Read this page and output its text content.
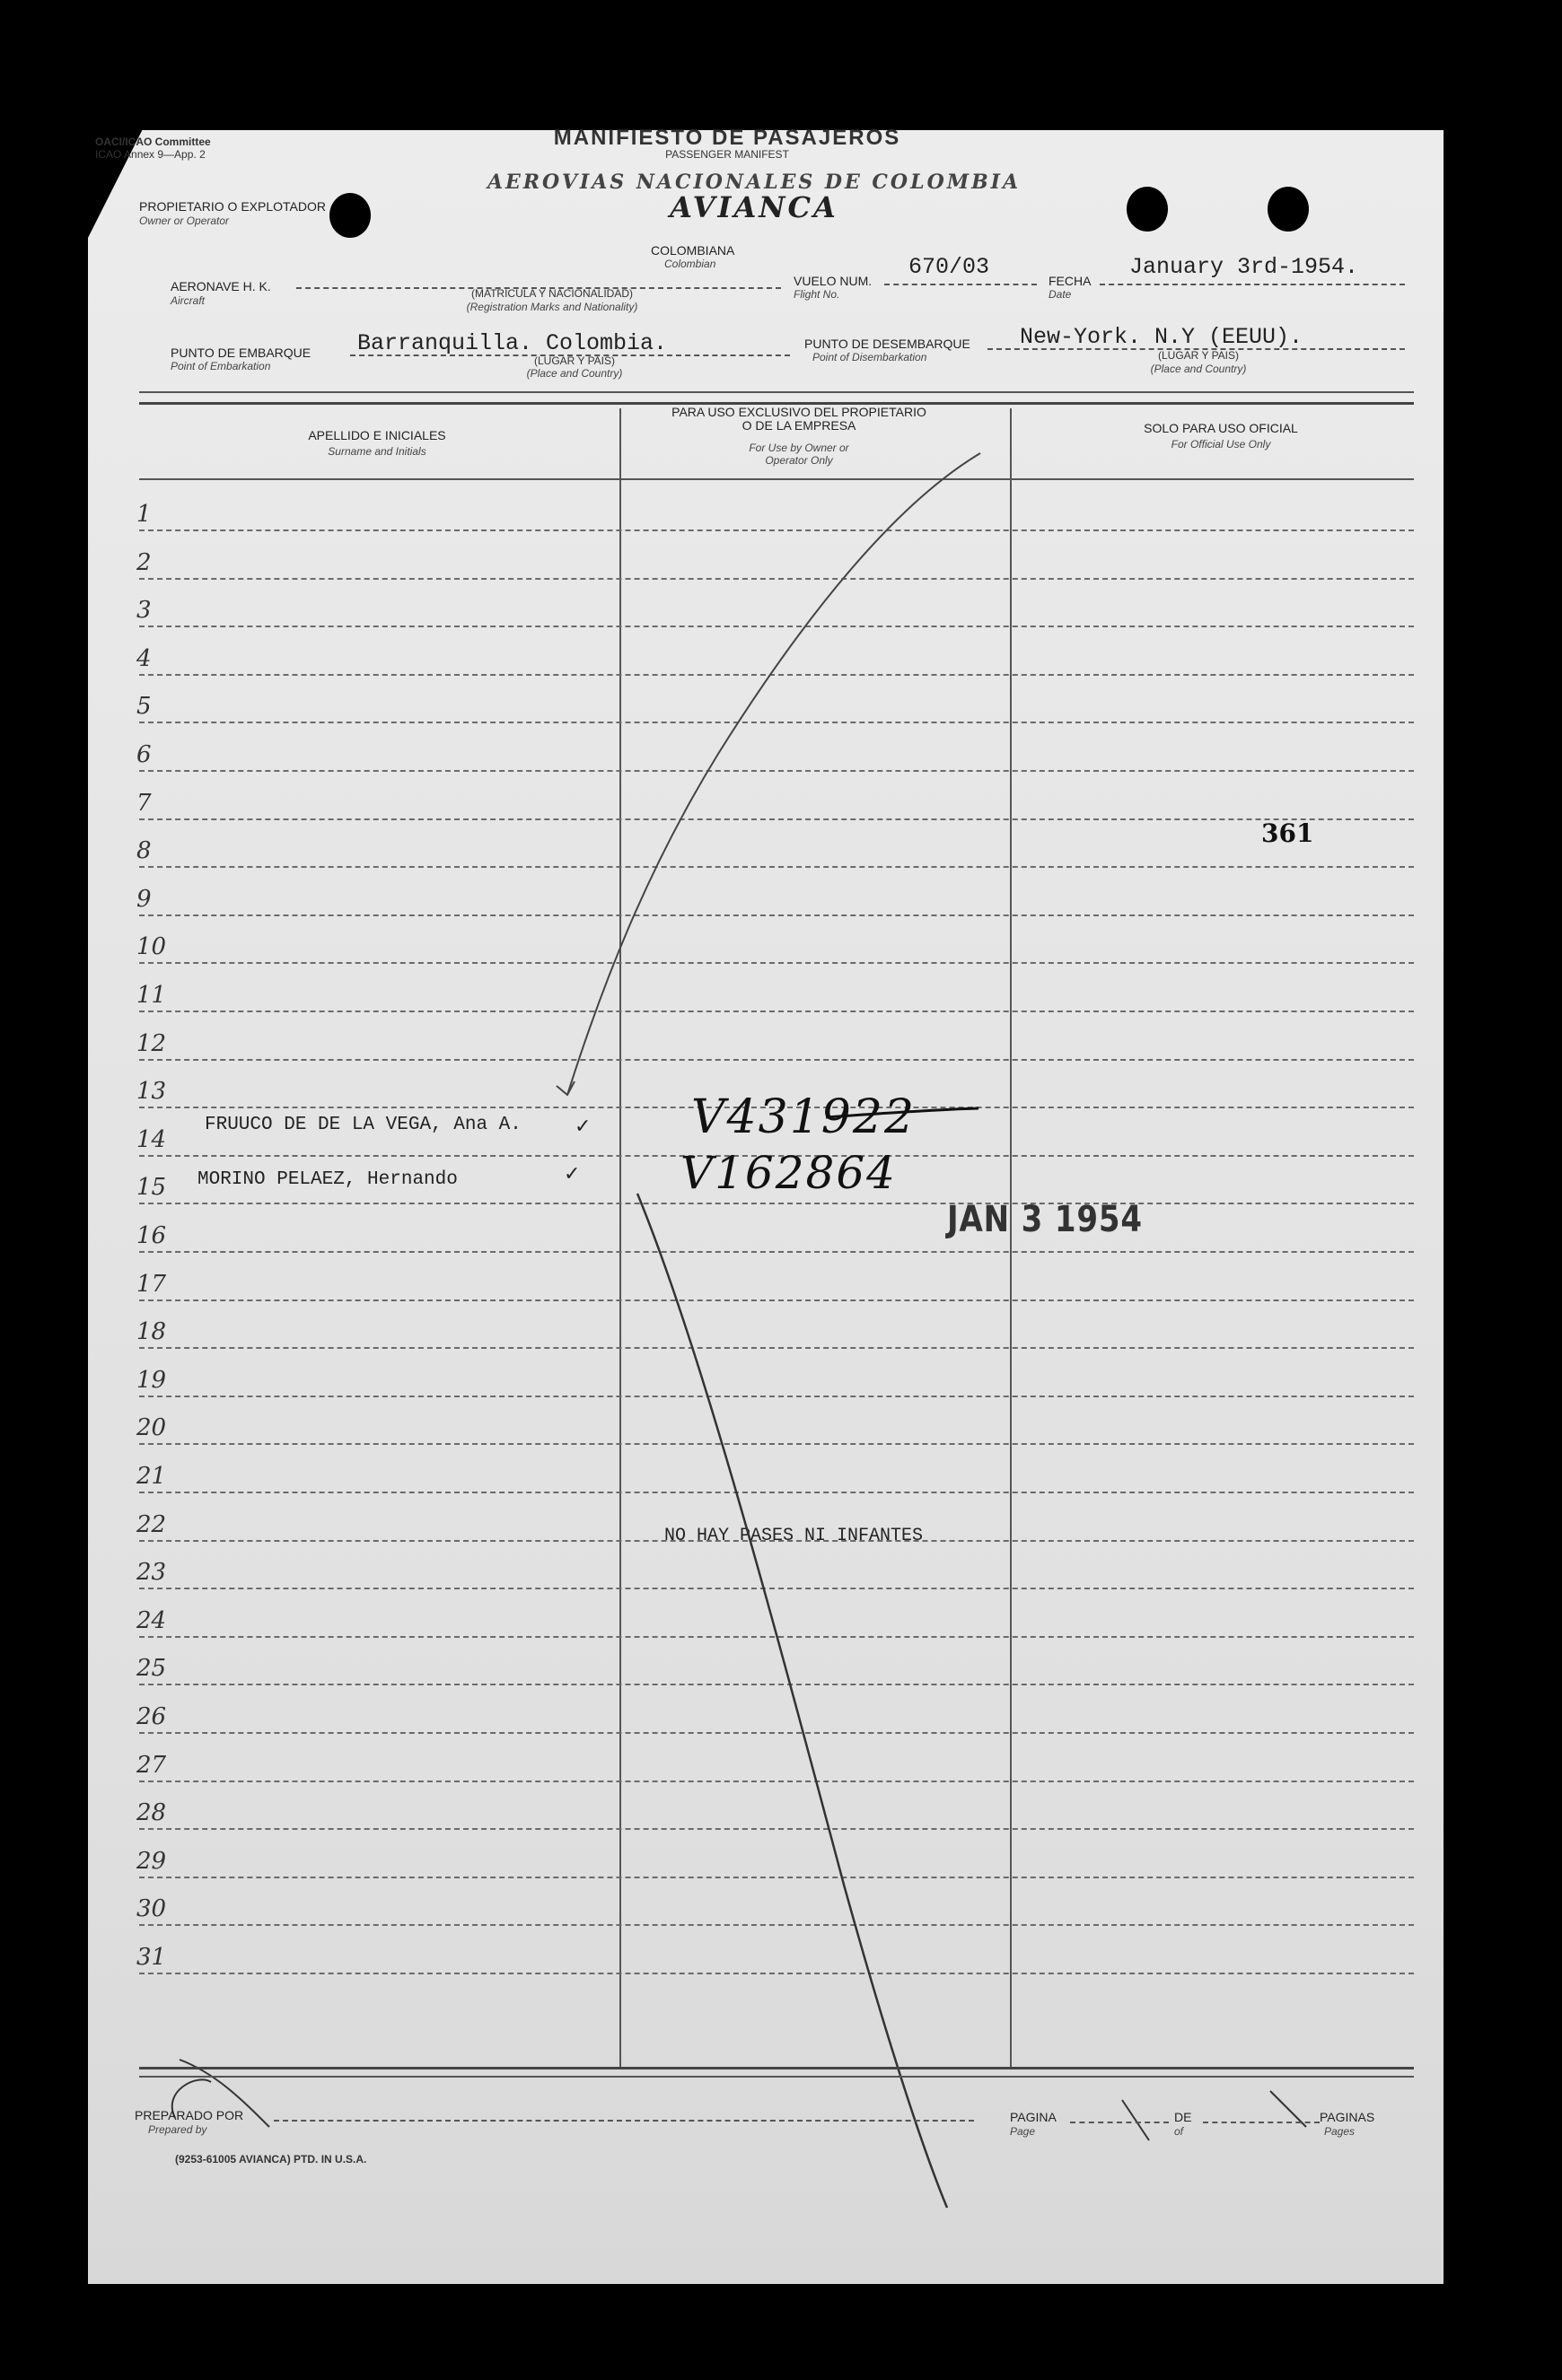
OACI/ICAO Committee
ICAO Annex 9—App. 2
MANIFIESTO DE PASAJEROS
PASSENGER MANIFEST
AEROVIAS NACIONALES DE COLOMBIA
AVIANCA
PROPIETARIO O EXPLOTADOR
Owner or Operator
COLOMBIANA
Colombian
AERONAVE H. K.
Aircraft
(MATRICULA Y NACIONALIDAD)
(Registration Marks and Nationality)
VUELO NUM.
Flight No.
670/03
FECHA
Date
January 3rd-1954.
PUNTO DE EMBARQUE
Point of Embarkation
Barranquilla. Colombia.
(LUGAR Y PAIS)
(Place and Country)
PUNTO DE DESEMBARQUE
Point of Disembarkation
New-York. N.Y (EEUU).
(LUGAR Y PAIS)
(Place and Country)
APELLIDO E INICIALES
Surname and Initials
PARA USO EXCLUSIVO DEL PROPIETARIO
O DE LA EMPRESA
For Use by Owner or
Operator Only
SOLO PARA USO OFICIAL
For Official Use Only
1
2
3
4
5
6
7
8
9
10
11
12
13
14
15
16
17
18
19
20
21
22
23
24
25
26
27
28
29
30
31
FRUUCO DE DE LA VEGA, Ana A.
MORINO PELAEZ, Hernando
✓
✓
V431922
V162864
NO HAY PASES NI INFANTES
361
JAN 3 1954
PREPARADO POR
Prepared by
(9253-61005 AVIANCA) PTD. IN U.S.A.
PAGINA
Page
DE
of
PAGINAS
Pages
